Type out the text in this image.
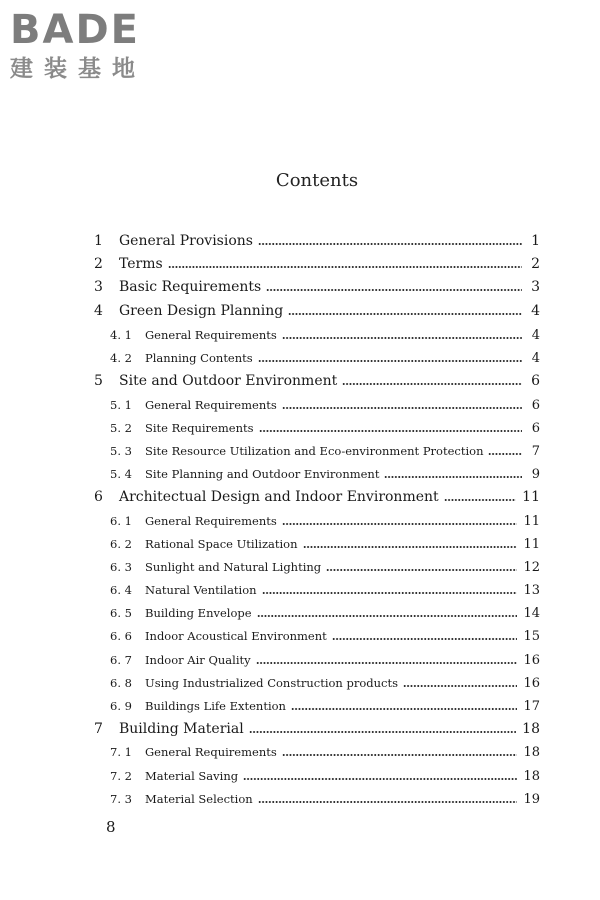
BADE
建装基地
Contents
1	General Provisions	1
2	Terms	2
3	Basic Requirements	3
4	Green Design Planning	4
4. 1	General Requirements	4
4. 2	Planning Contents	4
5	Site and Outdoor Environment	6
5. 1	General Requirements	6
5. 2	Site Requirements	6
5. 3	Site Resource Utilization and Eco-environment Protection	7
5. 4	Site Planning and Outdoor Environment	9
6	Architectual Design and Indoor Environment	11
6. 1	General Requirements	11
6. 2	Rational Space Utilization	11
6. 3	Sunlight and Natural Lighting	12
6. 4	Natural Ventilation	13
6. 5	Building Envelope	14
6. 6	Indoor Acoustical Environment	15
6. 7	Indoor Air Quality	16
6. 8	Using Industrialized Construction products	16
6. 9	Buildings Life Extention	17
7	Building Material	18
7. 1	General Requirements	18
7. 2	Material Saving	18
7. 3	Material Selection	19
8
